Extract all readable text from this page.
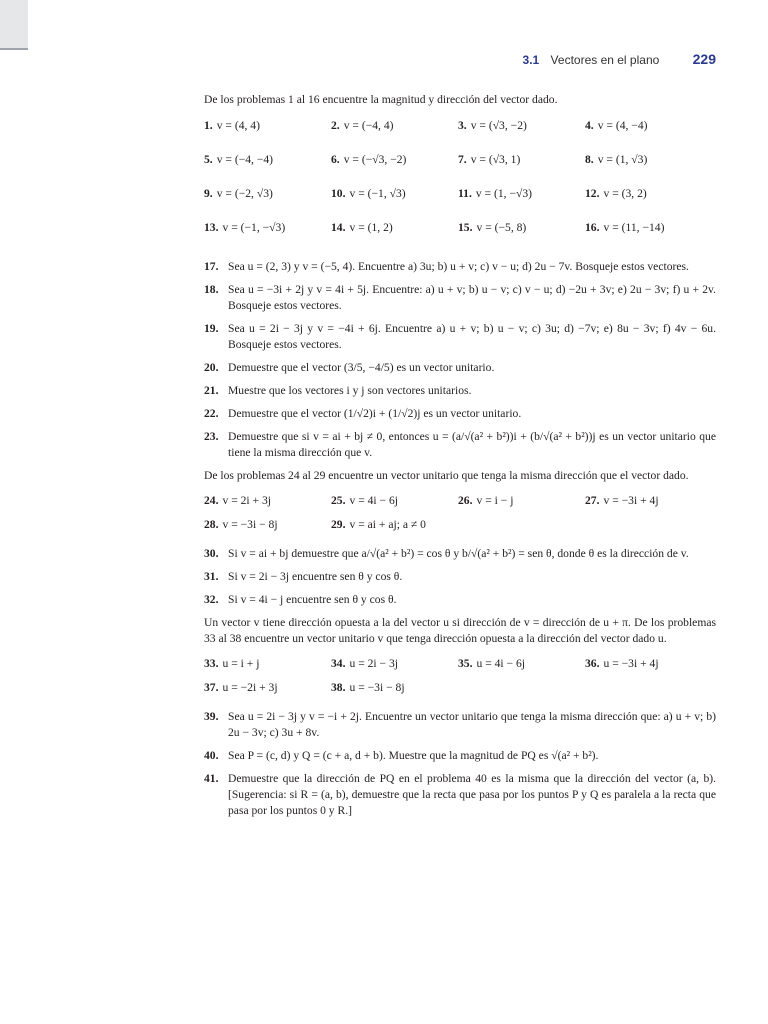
3.1 Vectores en el plano 229

De los problemas 1 al 16 encuentre la magnitud y dirección del vector dado.

1. v = (4, 4)	2. v = (−4, 4)	3. v = (√3, −2)	4. v = (4, −4)
5. v = (−4, −4)	6. v = (−√3, −2)	7. v = (√3, 1)	8. v = (1, √3)
9. v = (−2, √3)	10. v = (−1, √3)	11. v = (1, −√3)	12. v = (3, 2)
13. v = (−1, −√3)	14. v = (1, 2)	15. v = (−5, 8)	16. v = (11, −14)
17. Sea u = (2, 3) y v = (−5, 4). Encuentre a) 3u; b) u + v; c) v − u; d) 2u − 7v. Bosqueje estos vectores.
18. Sea u = −3i + 2j y v = 4i + 5j. Encuentre: a) u + v; b) u − v; c) v − u; d) −2u + 3v; e) 2u − 3v; f) u + 2v. Bosqueje estos vectores.
19. Sea u = 2i − 3j y v = −4i + 6j. Encuentre a) u + v; b) u − v; c) 3u; d) −7v; e) 8u − 3v; f) 4v − 6u. Bosqueje estos vectores.
20. Demuestre que el vector (3/5, −4/5) es un vector unitario.
21. Muestre que los vectores i y j son vectores unitarios.
22. Demuestre que el vector (1/√2)i + (1/√2)j es un vector unitario.
23. Demuestre que si v = ai + bj ≠ 0, entonces u = (a/√(a² + b²))i + (b/√(a² + b²))j es un vector unitario que tiene la misma dirección que v.

De los problemas 24 al 29 encuentre un vector unitario que tenga la misma dirección que el vector dado.

24. v = 2i + 3j	25. v = 4i − 6j	26. v = i − j	27. v = −3i + 4j
28. v = −3i − 8j	29. v = ai + aj; a ≠ 0
30. Si v = ai + bj demuestre que a/√(a² + b²) = cos θ y b/√(a² + b²) = sen θ, donde θ es la dirección de v.
31. Si v = 2i − 3j encuentre sen θ y cos θ.
32. Si v = 4i − j encuentre sen θ y cos θ.

Un vector v tiene dirección opuesta a la del vector u si dirección de v = dirección de u + π. De los problemas 33 al 38 encuentre un vector unitario v que tenga dirección opuesta a la dirección del vector dado u.

33. u = i + j	34. u = 2i − 3j	35. u = 4i − 6j	36. u = −3i + 4j
37. u = −2i + 3j	38. u = −3i − 8j
39. Sea u = 2i − 3j y v = −i + 2j. Encuentre un vector unitario que tenga la misma dirección que: a) u + v; b) 2u − 3v; c) 3u + 8v.
40. Sea P = (c, d) y Q = (c + a, d + b). Muestre que la magnitud de PQ es √(a² + b²).
41. Demuestre que la dirección de PQ en el problema 40 es la misma que la dirección del vector (a, b). [Sugerencia: si R = (a, b), demuestre que la recta que pasa por los puntos P y Q es paralela a la recta que pasa por los puntos 0 y R.]
